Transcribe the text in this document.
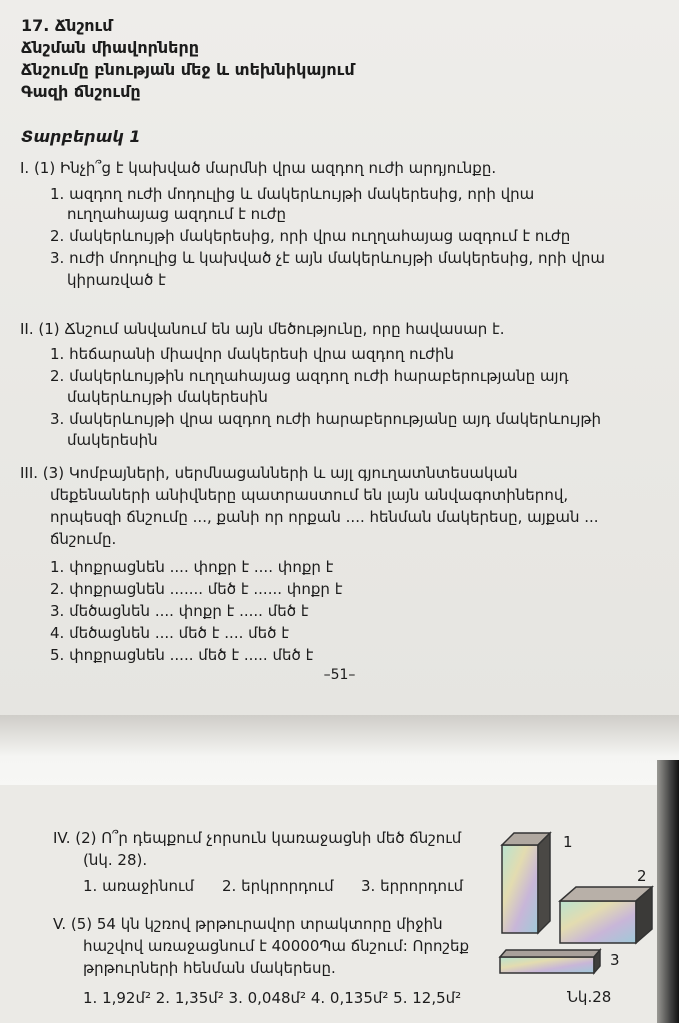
17. Ճնշում
Ճնշման միավորները
Ճնշումը բնության մեջ և տեխնիկայում
Գազի ճնշումը
Տարբերակ 1
I. (1) Ինչի՞ց է կախված մարմնի վրա ազդող ուժի արդյունքը.
1. ազդող ուժի մոդուլից և մակերևույթի մակերեսից, որի վրա
ուղղահայաց ազդում է ուժը
2. մակերևույթի մակերեսից, որի վրա ուղղահայաց ազդում է ուժը
3. ուժի մոդուլից և կախված չէ այն մակերևույթի մակերեսից, որի վրա
կիրառված է
II. (1) Ճնշում անվանում են այն մեծությունը, որը հավասար է.
1. հեճարանի միավոր մակերեսի վրա ազդող ուժին
2. մակերևույթին ուղղահայաց ազդող ուժի հարաբերությանը այդ
մակերևույթի մակերեսին
3. մակերևույթի վրա ազդող ուժի հարաբերությանը այդ մակերևույթի
մակերեսին
III. (3) Կոմբայների, սերմնացանների և այլ գյուղատնտեսական
մեքենաների անիվները պատրաստում են լայն անվագոտիներով,
որպեսզի ճնշումը ..., քանի որ որքան .... հենման մակերեսը, այքան ...
ճնշումը.
1. փոքրացնեն .... փոքր է .... փոքր է
2. փոքրացնեն ....... մեծ է ...... փոքր է
3. մեծացնեն .... փոքր է ..... մեծ է
4. մեծացնեն .... մեծ է .... մեծ է
5. փոքրացնեն ..... մեծ է ..... մեծ է
–51–
IV. (2) Ո՞ր դեպքում չորսուն կառաջացնի մեծ ճնշում
(նկ. 28).
1. առաջինում 2. երկրորդում 3. երրորդում
V. (5) 54 կն կշռով թրթուրավոր տրակտորը միջին
հաշվով առաջացնում է 40000Պա ճնշում: Որոշեք
թրթուրների հենման մակերեսը.
1. 1,92մ² 2. 1,35մ² 3. 0,048մ² 4. 0,135մ² 5. 12,5մ²
1
2
3
Նկ.28
